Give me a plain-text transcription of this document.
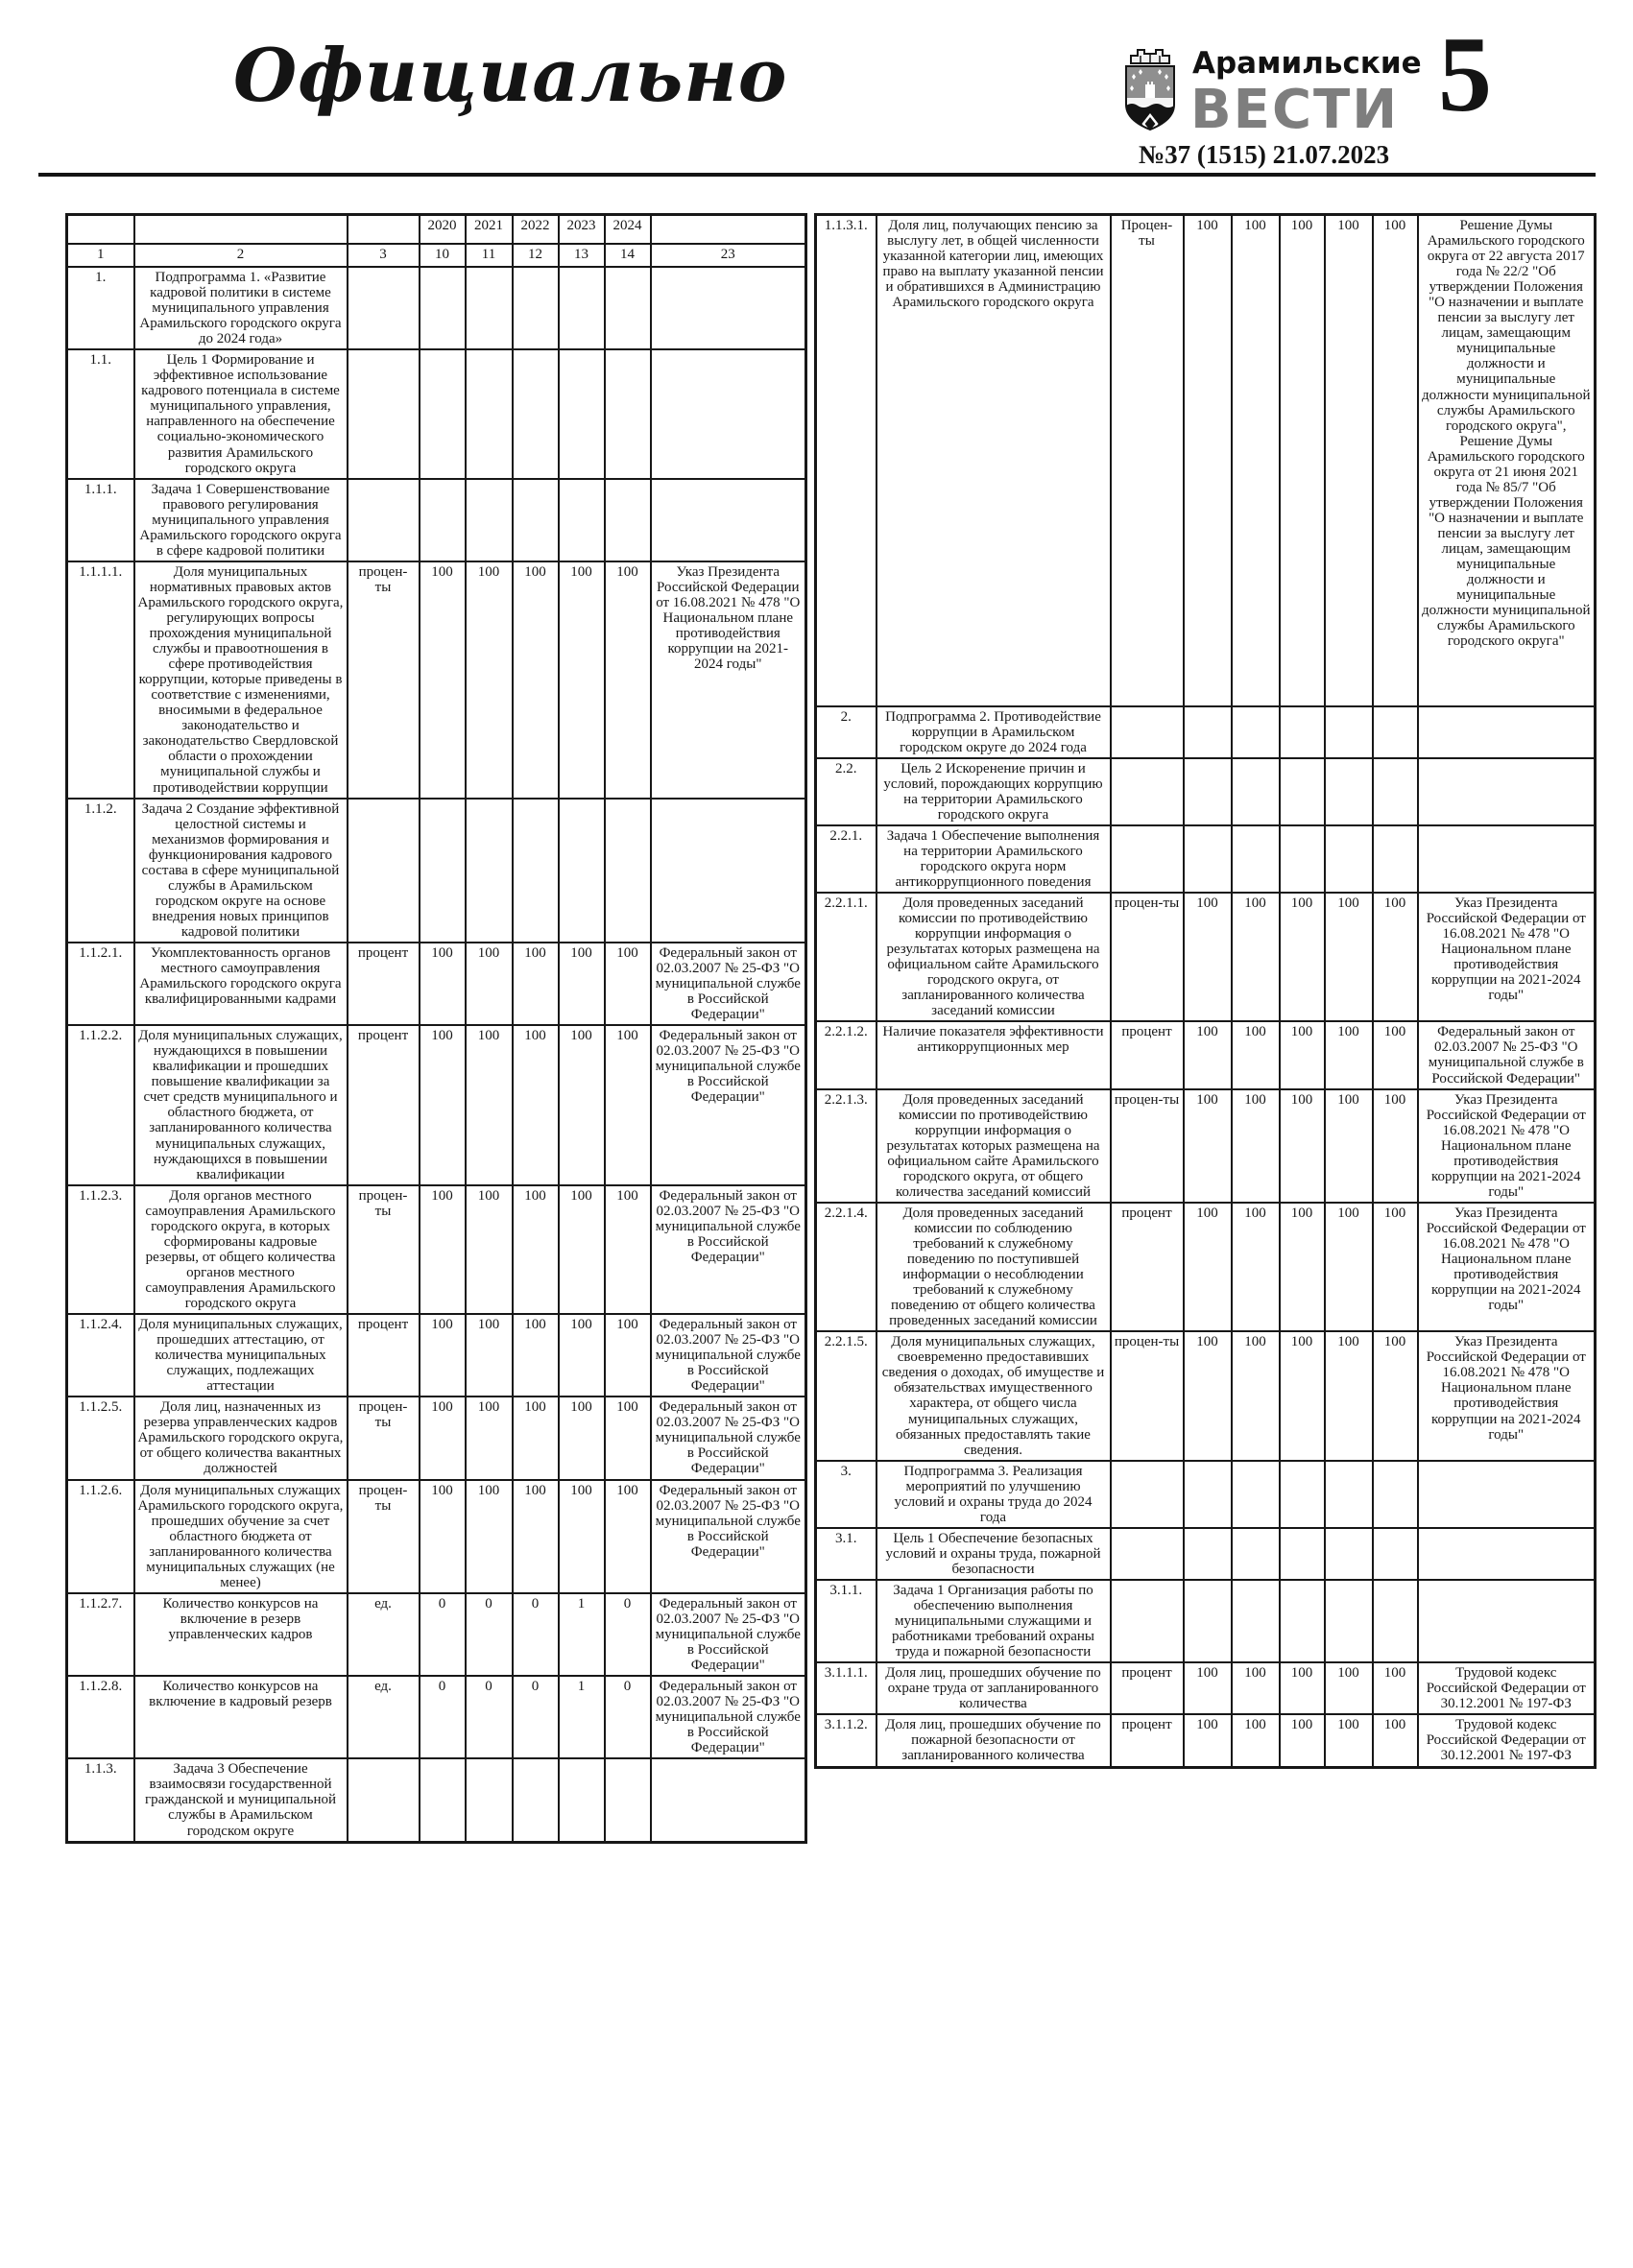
Официально	Арамильские
ВЕСТИ
№37 (1515) 21.07.2023
5
			2020	2021	2022	2023	2024	
1	2	3	10	11	12	13	14	23
1.	Подпрограмма 1. «Развитие кадровой политики в системе муниципального управления Арамильского городского округа до 2024 года»							
1.1.	Цель 1 Формирование и эффективное использование кадрового потенциала в системе муниципального управления, направленного на обеспечение социально-экономического развития Арамильского городского округа							
1.1.1.	Задача 1 Совершенствование правового регулирования муниципального управления Арамильского городского округа в сфере кадровой политики							
1.1.1.1.	Доля муниципальных нормативных правовых актов Арамильского городского округа, регулирующих вопросы прохождения муниципальной службы и правоотношения в сфере противодействия коррупции, которые приведены в соответствие с изменениями, вносимыми в федеральное законодательство и законодательство Свердловской области о прохождении муниципальной службы и противодействии коррупции	процен-ты	100	100	100	100	100	Указ Президента Российской Федерации от 16.08.2021 № 478 "О Национальном плане противодействия коррупции на 2021-2024 годы"
1.1.2.	Задача 2 Создание эффективной целостной системы и механизмов формирования и функционирования кадрового состава в сфере муниципальной службы в Арамильском городском округе на основе внедрения новых принципов кадровой политики							
1.1.2.1.	Укомплектованность органов местного самоуправления Арамильского городского округа квалифицированными кадрами	процент	100	100	100	100	100	Федеральный закон от 02.03.2007 № 25-ФЗ "О муниципальной службе в Российской Федерации"
1.1.2.2.	Доля муниципальных служащих, нуждающихся в повышении квалификации и прошедших повышение квалификации за счет средств муниципального и областного бюджета, от запланированного количества муниципальных служащих, нуждающихся в повышении квалификации	процент	100	100	100	100	100	Федеральный закон от 02.03.2007 № 25-ФЗ "О муниципальной службе в Российской Федерации"
1.1.2.3.	Доля органов местного самоуправления Арамильского городского округа, в которых сформированы кадровые резервы, от общего количества органов местного самоуправления Арамильского городского округа	процен-ты	100	100	100	100	100	Федеральный закон от 02.03.2007 № 25-ФЗ "О муниципальной службе в Российской Федерации"
1.1.2.4.	Доля муниципальных служащих, прошедших аттестацию, от количества муниципальных служащих, подлежащих аттестации	процент	100	100	100	100	100	Федеральный закон от 02.03.2007 № 25-ФЗ "О муниципальной службе в Российской Федерации"
1.1.2.5.	Доля лиц, назначенных из резерва управленческих кадров Арамильского городского округа, от общего количества вакантных должностей	процен-ты	100	100	100	100	100	Федеральный закон от 02.03.2007 № 25-ФЗ "О муниципальной службе в Российской Федерации"
1.1.2.6.	Доля муниципальных служащих Арамильского городского округа, прошедших обучение за счет областного бюджета от запланированного количества муниципальных служащих (не менее)	процен-ты	100	100	100	100	100	Федеральный закон от 02.03.2007 № 25-ФЗ "О муниципальной службе в Российской Федерации"
1.1.2.7.	Количество конкурсов на включение в резерв управленческих кадров	ед.	0	0	0	1	0	Федеральный закон от 02.03.2007 № 25-ФЗ "О муниципальной службе в Российской Федерации"
1.1.2.8.	Количество конкурсов на включение в кадровый резерв	ед.	0	0	0	1	0	Федеральный закон от 02.03.2007 № 25-ФЗ "О муниципальной службе в Российской Федерации"
1.1.3.	Задача 3 Обеспечение взаимосвязи государственной гражданской и муниципальной службы в Арамильском городском округе							
1.1.3.1.	Доля лиц, получающих пенсию за выслугу лет, в общей численности указанной категории лиц, имеющих право на выплату указанной пенсии и обратившихся в Администрацию Арамильского городского округа	Процен-ты	100	100	100	100	100	Решение Думы Арамильского городского округа от 22 августа 2017 года № 22/2 "Об утверждении Положения "О назначении и выплате пенсии за выслугу лет лицам, замещающим муниципальные должности и муниципальные должности муниципальной службы Арамильского городского округа", Решение Думы Арамильского городского округа от 21 июня 2021 года № 85/7 "Об утверждении Положения "О назначении и выплате пенсии за выслугу лет лицам, замещающим муниципальные должности и муниципальные должности муниципальной службы Арамильского городского округа"
2.	Подпрограмма 2. Противодействие коррупции в Арамильском городском округе до 2024 года							
2.2.	Цель 2 Искоренение причин и условий, порождающих коррупцию на территории Арамильского городского округа							
2.2.1.	Задача 1 Обеспечение выполнения на территории Арамильского городского округа норм антикоррупционного поведения							
2.2.1.1.	Доля проведенных заседаний комиссии по противодействию коррупции информация о результатах которых размещена на официальном сайте Арамильского городского округа, от запланированного количества заседаний комиссии	процен-ты	100	100	100	100	100	Указ Президента Российской Федерации от 16.08.2021 № 478 "О Национальном плане противодействия коррупции на 2021-2024 годы"
2.2.1.2.	Наличие показателя эффективности антикоррупционных мер	процент	100	100	100	100	100	Федеральный закон от 02.03.2007 № 25-ФЗ "О муниципальной службе в Российской Федерации"
2.2.1.3.	Доля проведенных заседаний комиссии по противодействию коррупции информация о результатах которых размещена на официальном сайте Арамильского городского округа, от общего количества заседаний комиссий	процен-ты	100	100	100	100	100	Указ Президента Российской Федерации от 16.08.2021 № 478 "О Национальном плане противодействия коррупции на 2021-2024 годы"
2.2.1.4.	Доля проведенных заседаний комиссии по соблюдению требований к служебному поведению по поступившей информации о несоблюдении требований к служебному поведению от общего количества проведенных заседаний комиссии	процент	100	100	100	100	100	Указ Президента Российской Федерации от 16.08.2021 № 478 "О Национальном плане противодействия коррупции на 2021-2024 годы"
2.2.1.5.	Доля муниципальных служащих, своевременно предоставивших сведения о доходах, об имуществе и обязательствах имущественного характера, от общего числа муниципальных служащих, обязанных предоставлять такие сведения.	процен-ты	100	100	100	100	100	Указ Президента Российской Федерации от 16.08.2021 № 478 "О Национальном плане противодействия коррупции на 2021-2024 годы"
3.	Подпрограмма 3. Реализация мероприятий по улучшению условий и охраны труда до 2024 года							
3.1.	Цель 1 Обеспечение безопасных условий и охраны труда, пожарной безопасности							
3.1.1.	Задача 1 Организация работы по обеспечению выполнения муниципальными служащими и работниками требований охраны труда и пожарной безопасности							
3.1.1.1.	Доля лиц, прошедших обучение по охране труда от запланированного количества	процент	100	100	100	100	100	Трудовой кодекс Российской Федерации от 30.12.2001 № 197-ФЗ
3.1.1.2.	Доля лиц, прошедших обучение по пожарной безопасности от запланированного количества	процент	100	100	100	100	100	Трудовой кодекс Российской Федерации от 30.12.2001 № 197-ФЗ
